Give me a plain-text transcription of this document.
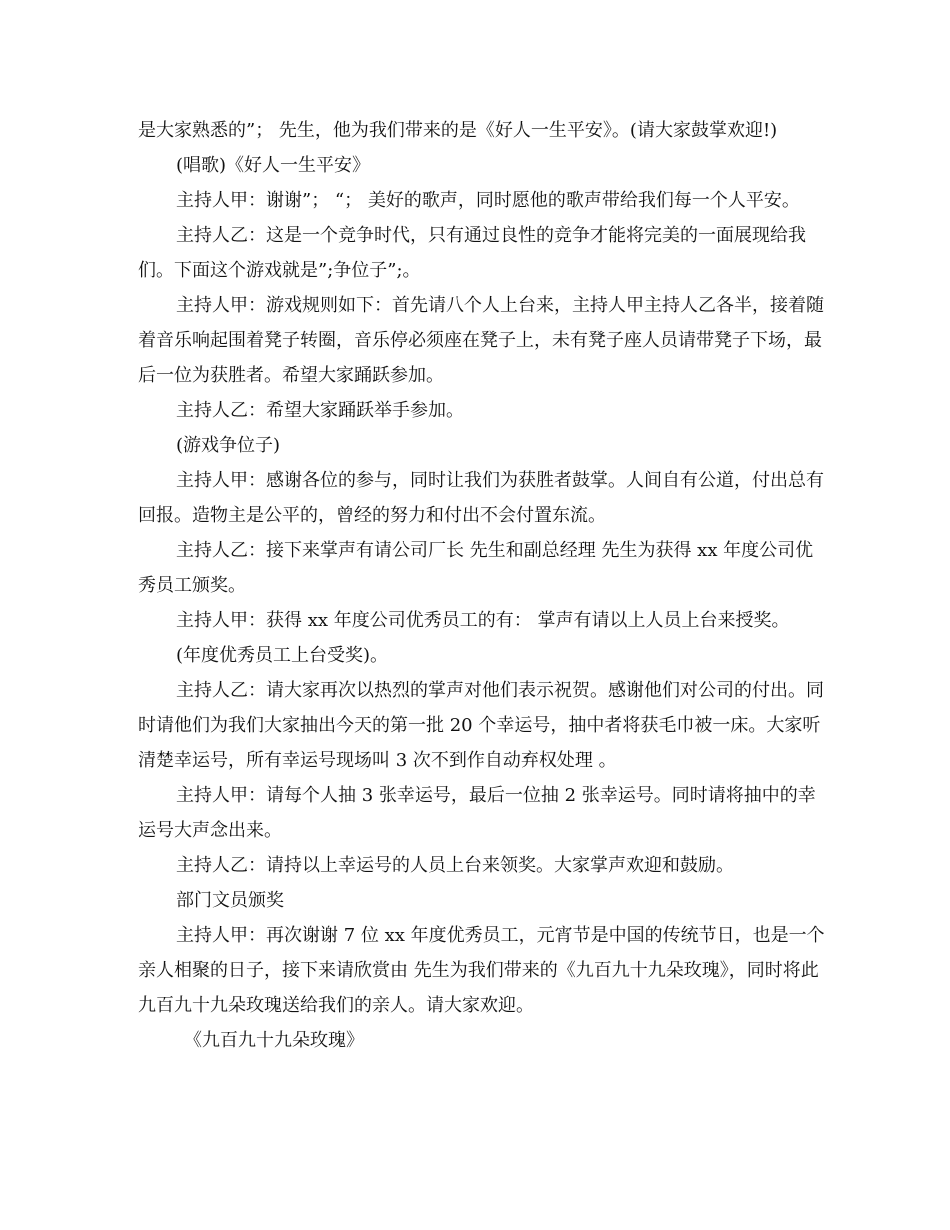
是大家熟悉的”； 先生，他为我们带来的是《好人一生平安》。(请大家鼓掌欢迎!)

(唱歌)《好人一生平安》

主持人甲：谢谢”； “； 美好的歌声，同时愿他的歌声带给我们每一个人平安。

主持人乙：这是一个竞争时代，只有通过良性的竞争才能将完美的一面展现给我们。下面这个游戏就是”;争位子”;。

主持人甲：游戏规则如下：首先请八个人上台来，主持人甲主持人乙各半，接着随着音乐响起围着凳子转圈，音乐停必须座在凳子上，未有凳子座人员请带凳子下场，最后一位为获胜者。希望大家踊跃参加。

主持人乙：希望大家踊跃举手参加。

(游戏争位子)

主持人甲：感谢各位的参与，同时让我们为获胜者鼓掌。人间自有公道，付出总有回报。造物主是公平的，曾经的努力和付出不会付置东流。

主持人乙：接下来掌声有请公司厂长 先生和副总经理 先生为获得 xx 年度公司优秀员工颁奖。

主持人甲：获得 xx 年度公司优秀员工的有： 掌声有请以上人员上台来授奖。

(年度优秀员工上台受奖)。

主持人乙：请大家再次以热烈的掌声对他们表示祝贺。感谢他们对公司的付出。同时请他们为我们大家抽出今天的第一批 20 个幸运号，抽中者将获毛巾被一床。大家听清楚幸运号，所有幸运号现场叫 3 次不到作自动弃权处理 。

主持人甲：请每个人抽 3 张幸运号，最后一位抽 2 张幸运号。同时请将抽中的幸运号大声念出来。

主持人乙：请持以上幸运号的人员上台来领奖。大家掌声欢迎和鼓励。

部门文员颁奖

主持人甲：再次谢谢 7 位 xx 年度优秀员工，元宵节是中国的传统节日，也是一个亲人相聚的日子，接下来请欣赏由 先生为我们带来的《九百九十九朵玫瑰》，同时将此九百九十九朵玫瑰送给我们的亲人。请大家欢迎。

《九百九十九朵玫瑰》
